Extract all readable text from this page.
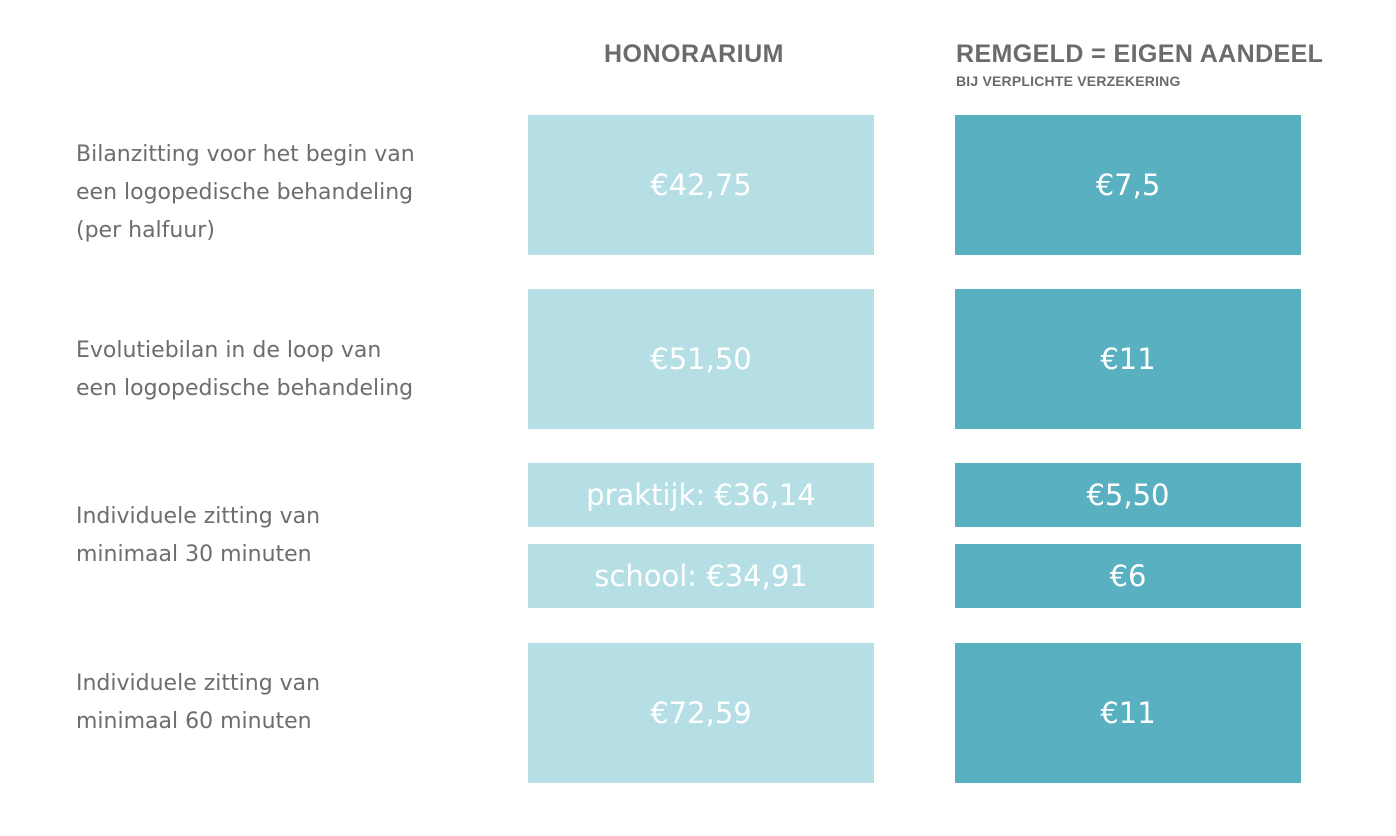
HONORARIUM	REMGELD = EIGEN AANDEEL
BIJ VERPLICHTE VERZEKERING
Bilanzitting voor het begin van
een logopedische behandeling
(per halfuur)
€42,75	€7,5
Evolutiebilan in de loop van
een logopedische behandeling
€51,50	€11
Individuele zitting van
minimaal 30 minuten
praktijk: €36,14	€5,50
school: €34,91	€6
Individuele zitting van
minimaal 60 minuten	€72,59	€11
